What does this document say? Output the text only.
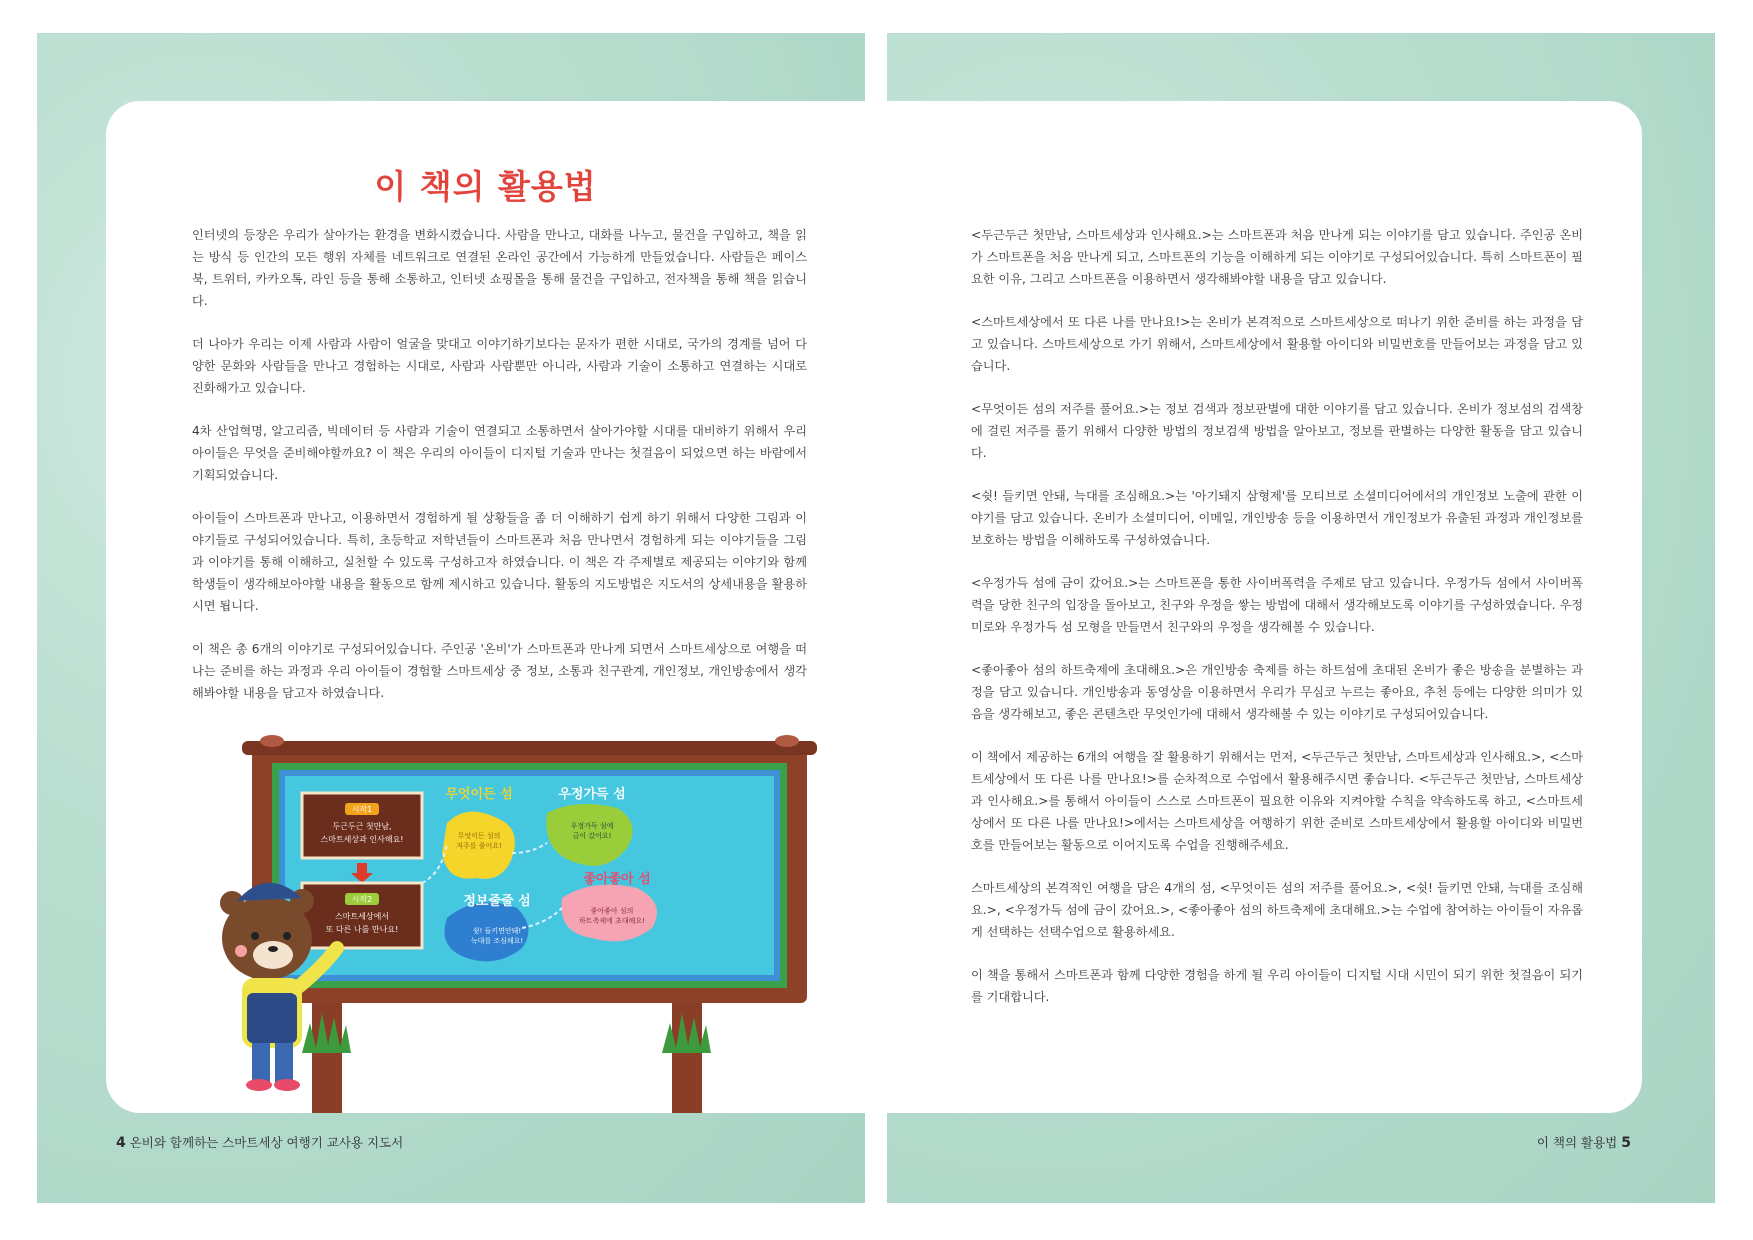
이 책의 활용법

인터넷의 등장은 우리가 살아가는 환경을 변화시켰습니다. 사람을 만나고, 대화를 나누고, 물건을 구입하고, 책을 읽는 방식 등 인간의 모든 행위 자체를 네트워크로 연결된 온라인 공간에서 가능하게 만들었습니다. 사람들은 페이스북, 트위터, 카카오톡, 라인 등을 통해 소통하고, 인터넷 쇼핑몰을 통해 물건을 구입하고, 전자책을 통해 책을 읽습니다.

더 나아가 우리는 이제 사람과 사람이 얼굴을 맞대고 이야기하기보다는 문자가 편한 시대로, 국가의 경계를 넘어 다양한 문화와 사람들을 만나고 경험하는 시대로, 사람과 사람뿐만 아니라, 사람과 기술이 소통하고 연결하는 시대로 진화해가고 있습니다.

4차 산업혁명, 알고리즘, 빅데이터 등 사람과 기술이 연결되고 소통하면서 살아가야할 시대를 대비하기 위해서 우리 아이들은 무엇을 준비해야할까요? 이 책은 우리의 아이들이 디지털 기술과 만나는 첫걸음이 되었으면 하는 바람에서 기획되었습니다.

아이들이 스마트폰과 만나고, 이용하면서 경험하게 될 상황들을 좀 더 이해하기 쉽게 하기 위해서 다양한 그림과 이야기들로 구성되어있습니다. 특히, 초등학교 저학년들이 스마트폰과 처음 만나면서 경험하게 되는 이야기들을 그림과 이야기를 통해 이해하고, 실천할 수 있도록 구성하고자 하였습니다. 이 책은 각 주제별로 제공되는 이야기와 함께 학생들이 생각해보아야할 내용을 활동으로 함께 제시하고 있습니다. 활동의 지도방법은 지도서의 상세내용을 활용하시면 됩니다.

이 책은 총 6개의 이야기로 구성되어있습니다. 주인공 '온비'가 스마트폰과 만나게 되면서 스마트세상으로 여행을 떠나는 준비를 하는 과정과 우리 아이들이 경험할 스마트세상 중 정보, 소통과 친구관계, 개인정보, 개인방송에서 생각해봐야할 내용을 담고자 하였습니다.

시작1
두근두근 첫만남,
스마트세상과 인사해요!
시작2
스마트세상에서
또 다른 나를 만나요!
무엇이든 섬
무엇이든 섬의
저주를 풀어요!
우정가득 섬
우정가득 섬에
금이 갔어요!
정보줄줄 섬
쉿! 들키면안돼!
늑대를 조심해요!
좋아좋아 섬
좋아좋아 섬의
하트축제에 초대해요!
4 온비와 함께하는 스마트세상 여행기 교사용 지도서

<두근두근 첫만남, 스마트세상과 인사해요.>는 스마트폰과 처음 만나게 되는 이야기를 담고 있습니다. 주인공 온비가 스마트폰을 처음 만나게 되고, 스마트폰의 기능을 이해하게 되는 이야기로 구성되어있습니다. 특히 스마트폰이 필요한 이유, 그리고 스마트폰을 이용하면서 생각해봐야할 내용을 담고 있습니다.

<스마트세상에서 또 다른 나를 만나요!>는 온비가 본격적으로 스마트세상으로 떠나기 위한 준비를 하는 과정을 담고 있습니다. 스마트세상으로 가기 위해서, 스마트세상에서 활용할 아이디와 비밀번호를 만들어보는 과정을 담고 있습니다.

<무엇이든 섬의 저주를 풀어요.>는 정보 검색과 정보판별에 대한 이야기를 담고 있습니다. 온비가 정보섬의 검색창에 걸린 저주를 풀기 위해서 다양한 방법의 정보검색 방법을 알아보고, 정보를 판별하는 다양한 활동을 담고 있습니다.

<쉿! 들키면 안돼, 늑대를 조심해요.>는 '아기돼지 삼형제'를 모티브로 소셜미디어에서의 개인정보 노출에 관한 이야기를 담고 있습니다. 온비가 소셜미디어, 이메일, 개인방송 등을 이용하면서 개인정보가 유출된 과정과 개인정보를 보호하는 방법을 이해하도록 구성하였습니다.

<우정가득 섬에 금이 갔어요.>는 스마트폰을 통한 사이버폭력을 주제로 담고 있습니다. 우정가득 섬에서 사이버폭력을 당한 친구의 입장을 돌아보고, 친구와 우정을 쌓는 방법에 대해서 생각해보도록 이야기를 구성하였습니다. 우정미로와 우정가득 섬 모형을 만들면서 친구와의 우정을 생각해볼 수 있습니다.

<좋아좋아 섬의 하트축제에 초대해요.>은 개인방송 축제를 하는 하트섬에 초대된 온비가 좋은 방송을 분별하는 과정을 담고 있습니다. 개인방송과 동영상을 이용하면서 우리가 무심코 누르는 좋아요, 추천 등에는 다양한 의미가 있음을 생각해보고, 좋은 콘텐츠란 무엇인가에 대해서 생각해볼 수 있는 이야기로 구성되어있습니다.

이 책에서 제공하는 6개의 여행을 잘 활용하기 위해서는 먼저, <두근두근 첫만남, 스마트세상과 인사해요.>, <스마트세상에서 또 다른 나를 만나요!>를 순차적으로 수업에서 활용해주시면 좋습니다. <두근두근 첫만남, 스마트세상과 인사해요.>를 통해서 아이들이 스스로 스마트폰이 필요한 이유와 지켜야할 수칙을 약속하도록 하고, <스마트세상에서 또 다른 나를 만나요!>에서는 스마트세상을 여행하기 위한 준비로 스마트세상에서 활용할 아이디와 비밀번호를 만들어보는 활동으로 이어지도록 수업을 진행해주세요.

스마트세상의 본격적인 여행을 담은 4개의 섬, <무엇이든 섬의 저주를 풀어요.>, <쉿! 들키면 안돼, 늑대를 조심해요.>, <우정가득 섬에 금이 갔어요.>, <좋아좋아 섬의 하트축제에 초대해요.>는 수업에 참여하는 아이들이 자유롭게 선택하는 선택수업으로 활용하세요.

이 책을 통해서 스마트폰과 함께 다양한 경험을 하게 될 우리 아이들이 디지털 시대 시민이 되기 위한 첫걸음이 되기를 기대합니다.

이 책의 활용법 5
